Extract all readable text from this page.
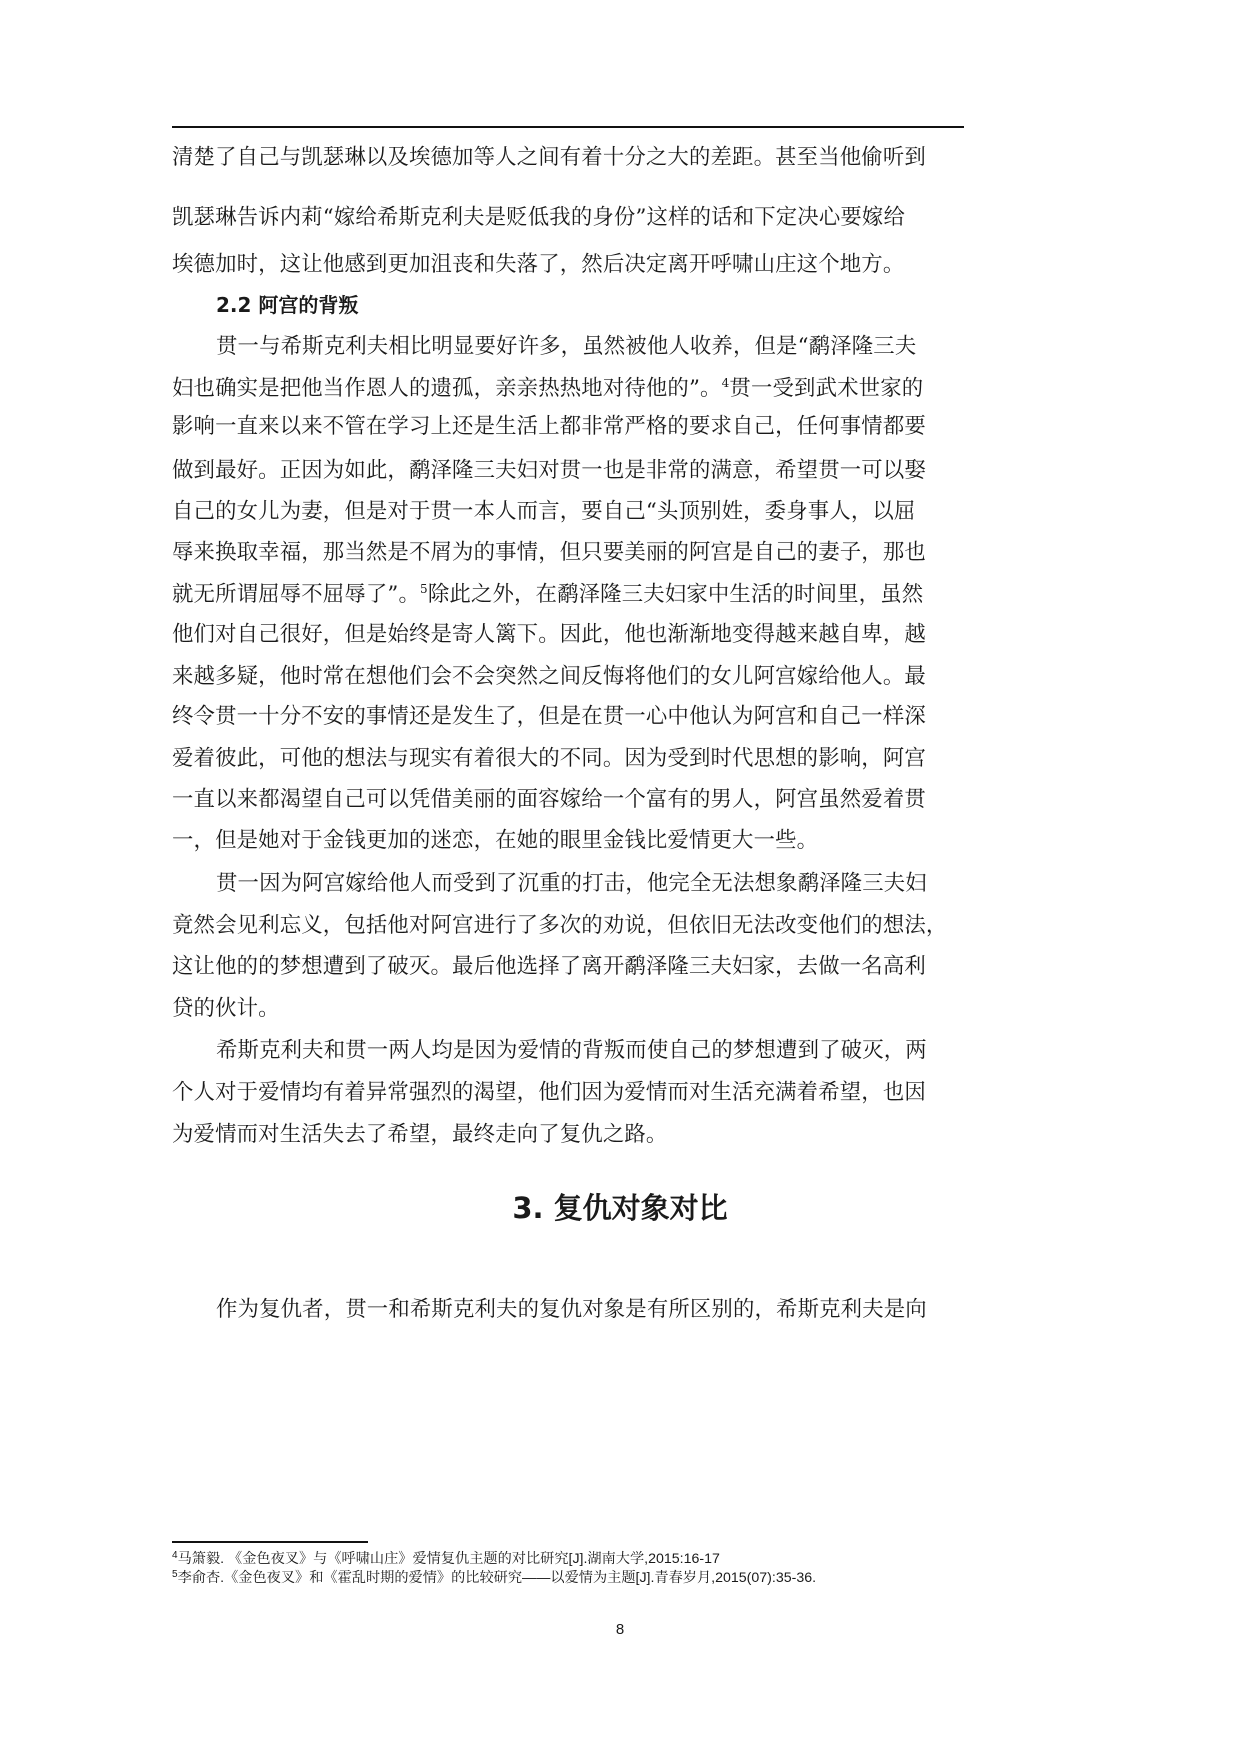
清楚了自己与凯瑟琳以及埃德加等人之间有着十分之大的差距。甚至当他偷听到
凯瑟琳告诉内莉“嫁给希斯克利夫是贬低我的身份”这样的话和下定决心要嫁给
埃德加时，这让他感到更加沮丧和失落了，然后决定离开呼啸山庄这个地方。
2.2 阿宫的背叛
贯一与希斯克利夫相比明显要好许多，虽然被他人收养，但是“鹬泽隆三夫
妇也确实是把他当作恩人的遗孤，亲亲热热地对待他的”。$^4$贯一受到武术世家的
影响一直来以来不管在学习上还是生活上都非常严格的要求自己，任何事情都要
做到最好。正因为如此，鹬泽隆三夫妇对贯一也是非常的满意，希望贯一可以娶
自己的女儿为妻，但是对于贯一本人而言，要自己“头顶别姓，委身事人，以屈
辱来换取幸福，那当然是不屑为的事情，但只要美丽的阿宫是自己的妻子，那也
就无所谓屈辱不屈辱了”。$^5$除此之外，在鹬泽隆三夫妇家中生活的时间里，虽然
他们对自己很好，但是始终是寄人篱下。因此，他也渐渐地变得越来越自卑，越
来越多疑，他时常在想他们会不会突然之间反悔将他们的女儿阿宫嫁给他人。最
终令贯一十分不安的事情还是发生了，但是在贯一心中他认为阿宫和自己一样深
爱着彼此，可他的想法与现实有着很大的不同。因为受到时代思想的影响，阿宫
一直以来都渴望自己可以凭借美丽的面容嫁给一个富有的男人，阿宫虽然爱着贯
一，但是她对于金钱更加的迷恋，在她的眼里金钱比爱情更大一些。
贯一因为阿宫嫁给他人而受到了沉重的打击，他完全无法想象鹬泽隆三夫妇
竟然会见利忘义，包括他对阿宫进行了多次的劝说，但依旧无法改变他们的想法，
这让他的的梦想遭到了破灭。最后他选择了离开鹬泽隆三夫妇家，去做一名高利
贷的伙计。
希斯克利夫和贯一两人均是因为爱情的背叛而使自己的梦想遭到了破灭，两
个人对于爱情均有着异常强烈的渴望，他们因为爱情而对生活充满着希望，也因
为爱情而对生活失去了希望，最终走向了复仇之路。
3. 复仇对象对比
作为复仇者，贯一和希斯克利夫的复仇对象是有所区别的，希斯克利夫是向
$^4$马箫毅. 《金色夜叉》与《呼啸山庄》爱情复仇主题的对比研究[J].湖南大学,2015:16-17
$^5$李俞杏.《金色夜叉》和《霍乱时期的爱情》的比较研究——以爱情为主题[J].青春岁月,2015(07):35-36.
8
